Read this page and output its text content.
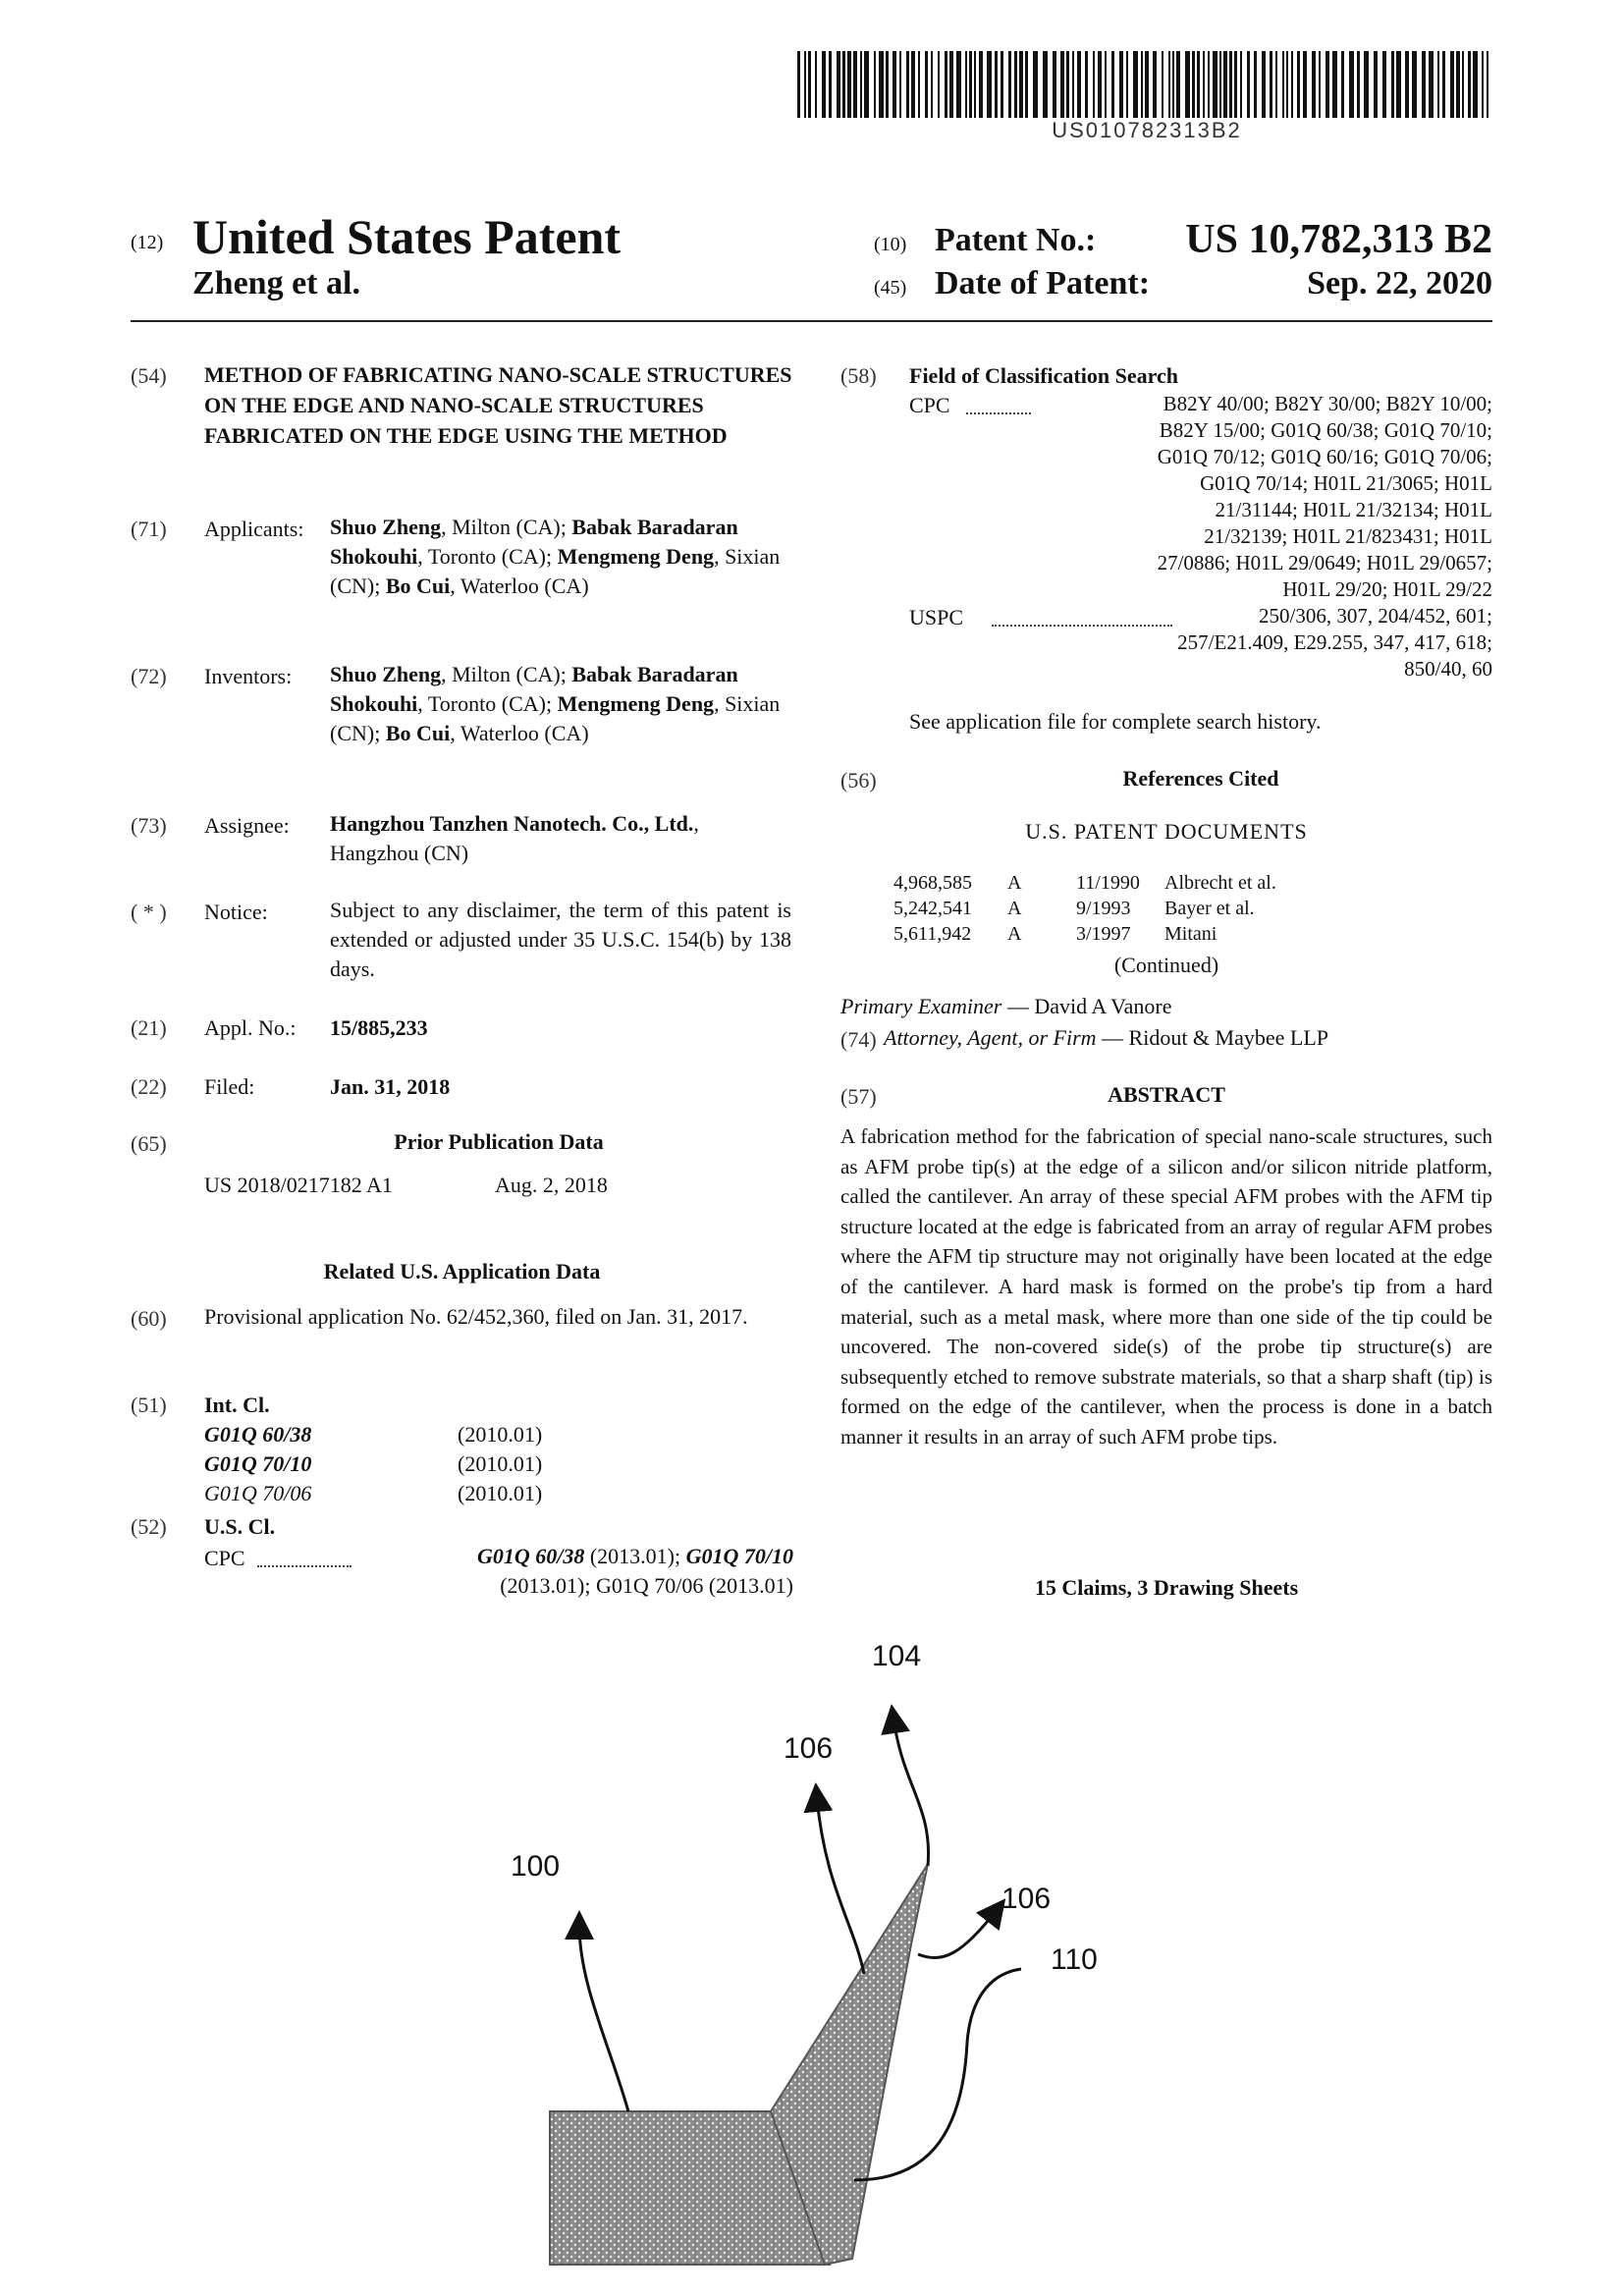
US010782313B2
(12) United States Patent
Zheng et al.
(10) Patent No.:	US 10,782,313 B2
(45) Date of Patent:	Sep. 22, 2020
(54) METHOD OF FABRICATING NANO-SCALE STRUCTURES ON THE EDGE AND NANO-SCALE STRUCTURES FABRICATED ON THE EDGE USING THE METHOD
(71) Applicants: Shuo Zheng, Milton (CA); Babak Baradaran Shokouhi, Toronto (CA); Mengmeng Deng, Sixian (CN); Bo Cui, Waterloo (CA)
(72) Inventors: Shuo Zheng, Milton (CA); Babak Baradaran Shokouhi, Toronto (CA); Mengmeng Deng, Sixian (CN); Bo Cui, Waterloo (CA)
(73) Assignee: Hangzhou Tanzhen Nanotech. Co., Ltd., Hangzhou (CN)
( * ) Notice:	Subject to any disclaimer, the term of this patent is extended or adjusted under 35 U.S.C. 154(b) by 138 days.
(21) Appl. No.: 15/885,233
(22) Filed:	Jan. 31, 2018
(65)	Prior Publication Data
US 2018/0217182 A1	Aug. 2, 2018
Related U.S. Application Data
(60) Provisional application No. 62/452,360, filed on Jan. 31, 2017.
(51) Int. Cl.
G01Q 60/38	(2010.01)
G01Q 70/10	(2010.01)
G01Q 70/06	(2010.01)
(52) U.S. Cl.
CPC	G01Q 60/38 (2013.01); G01Q 70/10
(2013.01); G01Q 70/06 (2013.01)
(58) Field of Classification Search
CPC	B82Y 40/00; B82Y 30/00; B82Y 10/00;
B82Y 15/00; G01Q 60/38; G01Q 70/10;
G01Q 70/12; G01Q 60/16; G01Q 70/06;
G01Q 70/14; H01L 21/3065; H01L
21/31144; H01L 21/32134; H01L
21/32139; H01L 21/823431; H01L
27/0886; H01L 29/0649; H01L 29/0657;
H01L 29/20; H01L 29/22
USPC	250/306, 307, 204/452, 601;
257/E21.409, E29.255, 347, 417, 618;
850/40, 60
See application file for complete search history.
(56)	References Cited
U.S. PATENT DOCUMENTS
4,968,585 A	11/1990 Albrecht et al.
5,242,541 A	9/1993 Bayer et al.
5,611,942 A	3/1997 Mitani
(Continued)
Primary Examiner — David A Vanore
(74) Attorney, Agent, or Firm — Ridout & Maybee LLP
(57)	ABSTRACT
A fabrication method for the fabrication of special nano-scale structures, such as AFM probe tip(s) at the edge of a silicon and/or silicon nitride platform, called the cantilever. An array of these special AFM probes with the AFM tip structure located at the edge is fabricated from an array of regular AFM probes where the AFM tip structure may not originally have been located at the edge of the cantilever. A hard mask is formed on the probe's tip from a hard material, such as a metal mask, where more than one side of the tip could be uncovered. The non-covered side(s) of the probe tip structure(s) are subsequently etched to remove substrate materials, so that a sharp shaft (tip) is formed on the edge of the cantilever, when the process is done in a batch manner it results in an array of such AFM probe tips.
15 Claims, 3 Drawing Sheets
104
106
100
106
110
